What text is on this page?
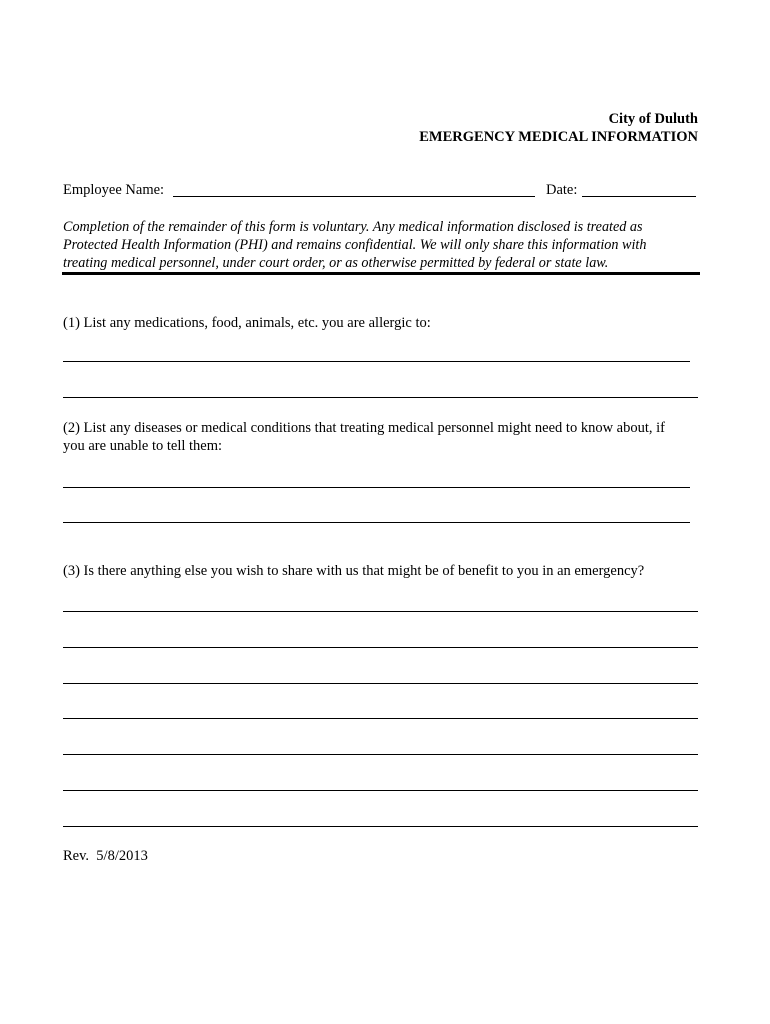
City of Duluth
EMERGENCY MEDICAL INFORMATION
Employee Name:	Date:
Completion of the remainder of this form is voluntary. Any medical information disclosed is treated as
Protected Health Information (PHI) and remains confidential. We will only share this information with
treating medical personnel, under court order, or as otherwise permitted by federal or state law.
(1) List any medications, food, animals, etc. you are allergic to:
(2) List any diseases or medical conditions that treating medical personnel might need to know about, if
you are unable to tell them:
(3) Is there anything else you wish to share with us that might be of benefit to you in an emergency?
Rev.  5/8/2013
